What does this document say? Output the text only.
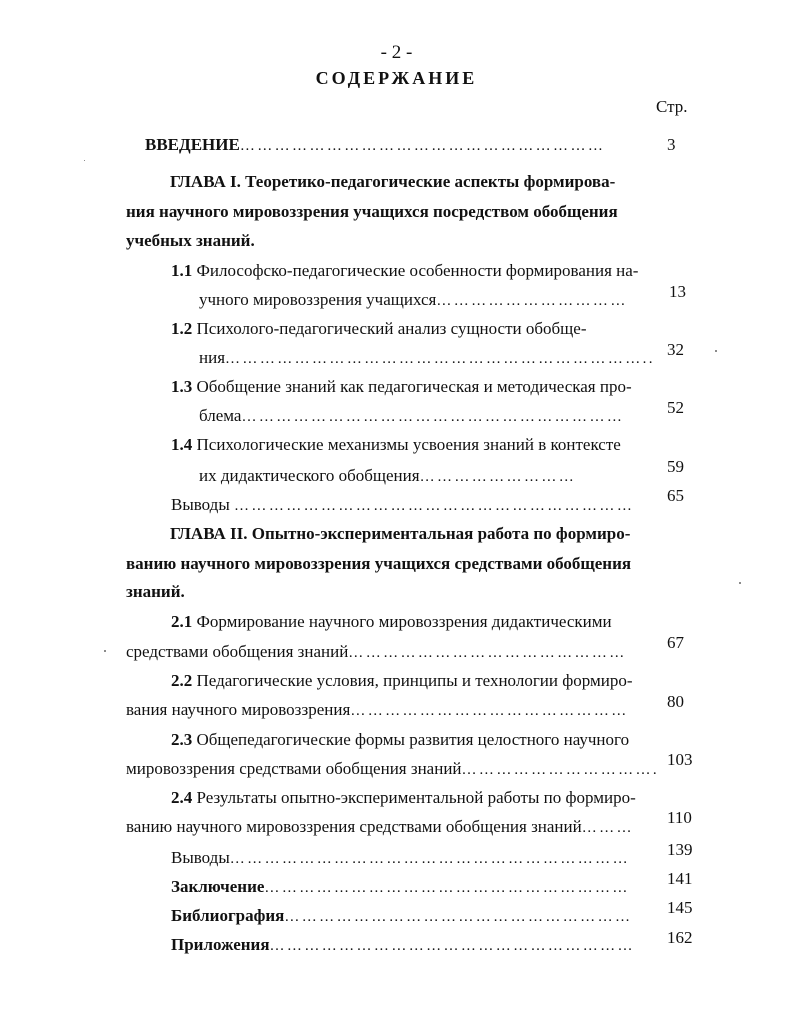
- 2 -
СОДЕРЖАНИЕ
Стр.
ВВЕДЕНИЕ………………………………………………………	3
ГЛАВА I. Теоретико-педагогические аспекты формирова-
ния научного мировоззрения учащихся посредством обобщения
учебных знаний.
1.1 Философско-педагогические особенности формирования на-
учного мировоззрения учащихся…………………………… 13
1.2 Психолого-педагогический анализ сущности обобще-
ния……………………………………………………………….. 32
1.3 Обобщение знаний как педагогическая и методическая про-
блема…………………………………………………………	52
1.4 Психологические механизмы усвоения знаний в контексте
их дидактического обобщения………………………
59
Выводы ……………………………………………………………
65
ГЛАВА II. Опытно-экспериментальная работа по формиро-
ванию научного мировоззрения учащихся средствами обобщения
знаний.
2.1 Формирование научного мировоззрения дидактическими
средствами обобщения знаний…………………………………………
67
2.2 Педагогические условия, принципы и технологии формиро-
вания научного мировоззрения………………………………………… 80
2.3 Общепедагогические формы развития целостного научного
мировоззрения средствами обобщения знаний…………………………….
103
2.4 Результаты опытно-экспериментальной работы по формиро-
ванию научного мировоззрения средствами обобщения знаний………
110
Выводы…………………………………………………………… 139
Заключение……………………………………………………… 141
Библиография…………………………………………………… 145
Приложения……………………………………………………… 162
